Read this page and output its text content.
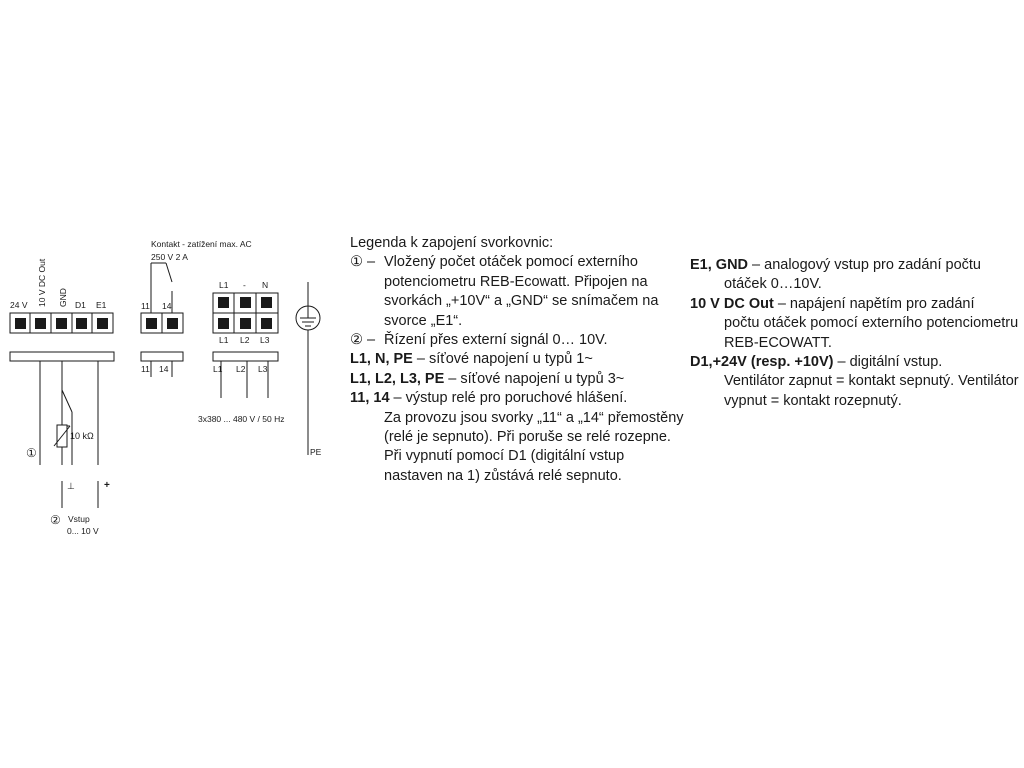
24 V 10 V DC Out GND D1 E1
10 kΩ
①
⊥	+
② Vstup
0... 10 V
Kontakt - zatížení max. AC
250 V 2 A
11 14
11 14
L1 - N
L1 L2 L3
L1 L2 L3
3x380 ... 480 V / 50 Hz
PE
Legenda k zapojení svorkovnic:
① – Vložený počet otáček pomocí externího potenciometru REB-Ecowatt. Připojen na svorkách „+10V“ a „GND“ se snímačem na svorce „E1“.
② – Řízení přes externí signál 0… 10V.
L1, N, PE – síťové napojení u typů 1~
L1, L2, L3, PE – síťové napojení u typů 3~
11, 14 – výstup relé pro poruchové hlášení.
Za provozu jsou svorky „11“ a „14“ přemostěny (relé je sepnuto). Při poruše se relé rozepne. Při vypnutí pomocí D1 (digitální vstup nastaven na 1) zůstává relé sepnuto.
E1, GND – analogový vstup pro zadání počtu
otáček 0…10V.
10 V DC Out – napájení napětím pro zadání
počtu otáček pomocí externího potenciometru REB-ECOWATT.
D1,+24V (resp. +10V) – digitální vstup.
Ventilátor zapnut = kontakt sepnutý. Ventilátor vypnut = kontakt rozepnutý.
